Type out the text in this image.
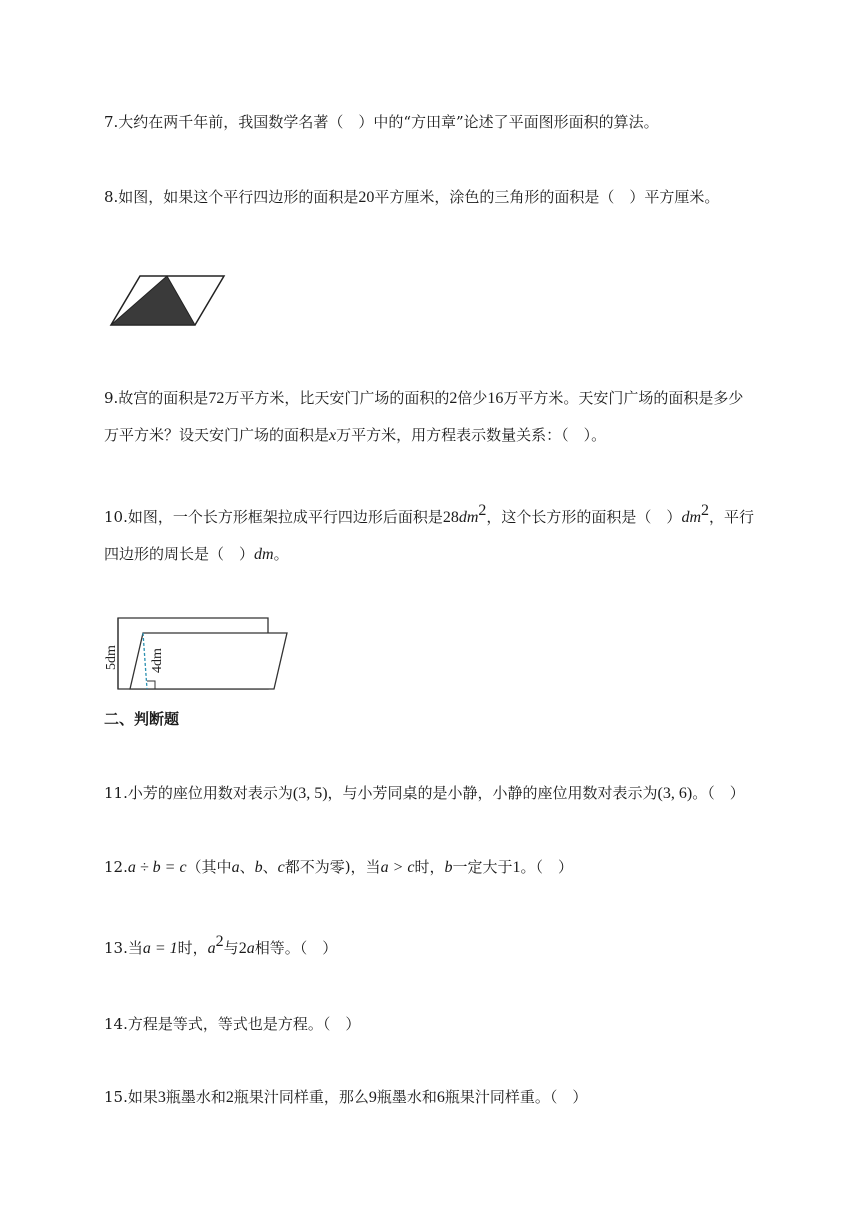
7.大约在两千年前，我国数学名著（　）中的“方田章”论述了平面图形面积的算法。
8.如图，如果这个平行四边形的面积是20平方厘米，涂色的三角形的面积是（　）平方厘米。
9.故宫的面积是72万平方米，比天安门广场的面积的2倍少16万平方米。天安门广场的面积是多少
万平方米？设天安门广场的面积是x万平方米，用方程表示数量关系：（　）。
10.如图，一个长方形框架拉成平行四边形后面积是$28dm^2$，这个长方形的面积是（　）$dm^2$，平行
四边形的周长是（　）dm。
5dm 4dm
二、判断题
11.小芳的座位用数对表示为(3, 5)，与小芳同桌的是小静，小静的座位用数对表示为(3, 6)。（　）
12.a ÷ b = c（其中a、b、c都不为零)，当a > c时，b一定大于1。（　）
13.当a = 1时，$a^2$与2a相等。（　）
14.方程是等式，等式也是方程。（　）
15.如果3瓶墨水和2瓶果汁同样重，那么9瓶墨水和6瓶果汁同样重。（　）
